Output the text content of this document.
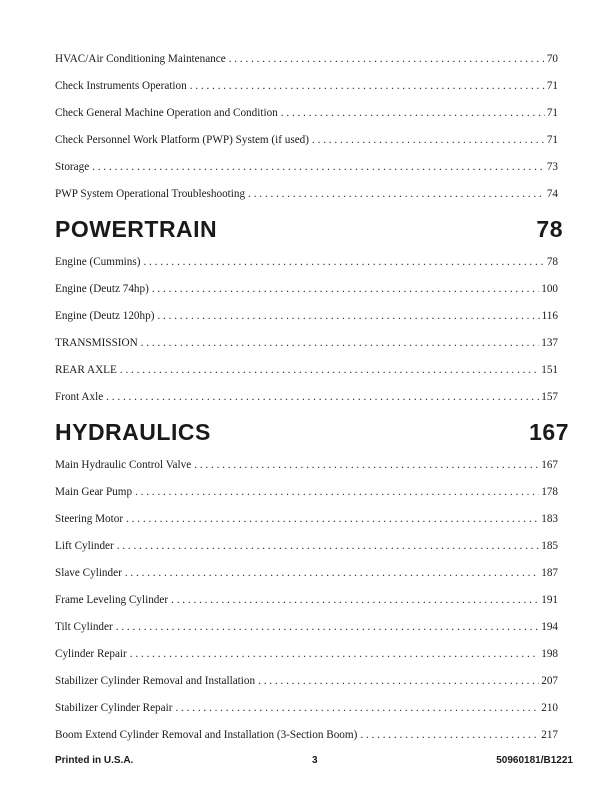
HVAC/Air Conditioning Maintenance . . .	70
Check Instruments Operation . . .	71
Check General Machine Operation and Condition . . .	71
Check Personnel Work Platform (PWP) System (if used) . . .	71
Storage . . .	73
PWP System Operational Troubleshooting . . .	74
POWERTRAIN	78
Engine (Cummins) . . .	78
Engine (Deutz 74hp) . . .	100
Engine (Deutz 120hp) . . .	116
TRANSMISSION . . .	137
REAR AXLE . . .	151
Front Axle . . .	157
HYDRAULICS	167
Main Hydraulic Control Valve . . .	167
Main Gear Pump . . .	178
Steering Motor . . .	183
Lift Cylinder . . .	185
Slave Cylinder . . .	187
Frame Leveling Cylinder . . .	191
Tilt Cylinder . . .	194
Cylinder Repair . . .	198
Stabilizer Cylinder Removal and Installation . . .	207
Stabilizer Cylinder Repair . . .	210
Boom Extend Cylinder Removal and Installation (3-Section Boom) . . .	217
Printed in U.S.A.	3	50960181/B1221
